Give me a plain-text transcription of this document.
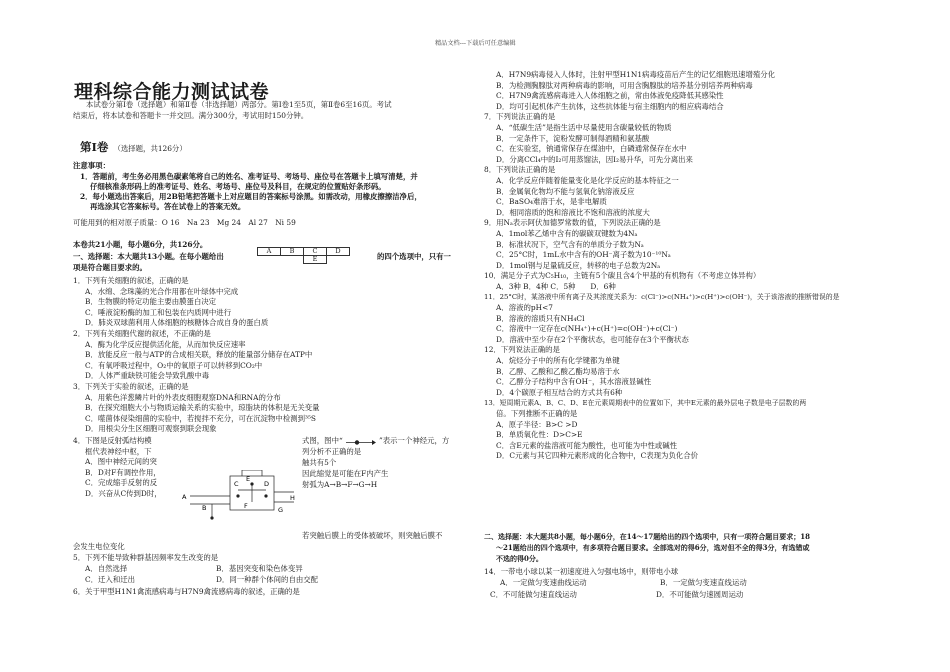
精品文档---下载后可任意编辑
理科综合能力测试试卷
本试卷分第Ⅰ卷（选择题）和第Ⅱ卷（非选择题）两部分。第Ⅰ卷1至5页，第Ⅱ卷6至16页。考试
结束后，将本试卷和答题卡一并交回。满分300分，考试用时150分钟。
第Ⅰ卷 （选择题，共126分）
注意事项：
1．答题前，考生务必用黑色碳素笔将自己的姓名、准考证号、考场号、座位号在答题卡上填写清楚，并
仔细核准条形码上的准考证号、姓名、考场号、座位号及科目，在规定的位置贴好条形码。
2．每小题选出答案后，用2B铅笔把答题卡上对应题目的答案标号涂黑。如需改动，用橡皮擦擦洁净后，
再选涂其它答案标号。答在试卷上的答案无效。
可能用到的相对原子质量：O 16　Na 23　Mg 24　Al 27　Ni 59
本卷共21小题，每小题6分，共126分。
一、选择题：本大题共13小题。在每小题给出	的四个选项中，只有一
项是符合题目要求的。
A	B	C	D	
		E		
1．下列有关细胞的叙述，正确的是
A．水绵、念珠藻的光合作用都在叶绿体中完成
B．生物膜的特定功能主要由膜蛋白决定
C．唾液淀粉酶的加工和包装在内质网中进行
D．肺炎双球菌利用人体细胞的核糖体合成自身的蛋白质
2．下列有关细胞代谢的叙述，不正确的是
A．酶为化学反应提供活化能，从而加快反应速率
B．放能反应一般与ATP的合成相关联，释放的能量部分储存在ATP中
C．有氧呼吸过程中，O₂中的氧原子可以转移到CO₂中
D．人体严重缺铁可能会导致乳酸中毒
3．下列关于实验的叙述，正确的是
A．用紫色洋葱鳞片叶的外表皮细胞观察DNA和RNA的分布
B．在探究细胞大小与物质运输关系的实验中，琼脂块的体积是无关变量
C．噬菌体侵染细菌的实验中，若搅拌不充分，可在沉淀物中检测到³⁵S
D．用根尖分生区细胞可观察到联会现象
4．下图是反射弧结构模
框代表神经中枢，下
A．图中神经元间的突
B．D对F有调控作用，
C．完成缩手反射的反
D．兴奋从C传到D时，
会发生电位变化
式图，图中“	”表示一个神经元，方
列分析不正确的是
触共有5个
因此缩觉是可能在F内产生
射弧为A→B→F→G→H
若突触后膜上的受体被破坏，则突触后膜不
A
B
C	D
E
F	G
H
5．下列不能导致种群基因频率发生改变的是
A．自然选择	B．基因突变和染色体变异
C．迁入和迁出	D．同一种群个体间的自由交配
6．关于甲型H1N1禽流感病毒与H7N9禽流感病毒的叙述，正确的是
A．H7N9病毒侵入人体时，注射甲型H1N1病毒疫苗后产生的记忆细胞迅速增殖分化
B．为检测胸腺肽对两种病毒的影响，可用含胸腺肽的培养基分别培养两种病毒
C．H7N9禽流感病毒进入人体细胞之前，常由体液免疫降低其感染性
D．均可引起机体产生抗体，这些抗体能与宿主细胞内的相应病毒结合
7．下列说法正确的是
A．“低碳生活”是指生活中尽量使用含碳量较低的物质
B．一定条件下，淀粉发酵可制得酒精和氨基酸
C．在实验室，钠通常保存在煤油中，白磷通常保存在水中
D．分离CCl₄中的I₂可用蒸馏法，因I₂易升华，可先分离出来
8．下列说法正确的是
A．化学反应伴随着能量变化是化学反应的基本特征之一
B．金属氧化物均不能与氢氧化钠溶液反应
C．BaSO₄难溶于水，是非电解质
D．相同溶质的饱和溶液比不饱和溶液的浓度大
9．用Nₐ表示阿伏加德罗常数的值，下列说法正确的是
A．1mol苯乙烯中含有的碳碳双键数为4Nₐ
B．标准状况下，空气含有的单质分子数为Nₐ
C．25°C时，1mL水中含有的OH⁻离子数为10⁻¹⁰Nₐ
D．1mol钢与足量硫反应，转移的电子总数为2Nₐ
10．满足分子式为C₅H₁₀，主链有5个碳且含4个甲基的有机物有（不考虑立体异构）
A．3种 B．4种 C．5种　　D．6种
11．25°C时，某溶液中所有离子及其浓度关系为：c(Cl⁻)>c(NH₄⁺)>c(H⁺)>c(OH⁻)，关于该溶液的推断错误的是
A．溶液的pH<7
B．溶液的溶质只有NH₄Cl
C．溶液中一定存在c(NH₄⁺)+c(H⁺)=c(OH⁻)+c(Cl⁻)
D．溶液中至少存在2个平衡状态，也可能存在3个平衡状态
12．下列说法正确的是
A．烷烃分子中的所有化学键都为单键
B．乙醇、乙酸和乙酸乙酯均易溶于水
C．乙醇分子结构中含有OH⁻，其水溶液显碱性
D．4个碳原子相互结合的方式共有6种
13．短周期元素A、B、C、D、E在元素周期表中的位置如下，其中E元素的最外层电子数是电子层数的两
倍。下列推断不正确的是
A．原子半径：B>C >D
B．单质氧化性：D>C>E
C．含E元素的盐溶液可能为酸性，也可能为中性或碱性
D．C元素与其它四种元素形成的化合物中，C表现为负化合价
二、选择题：本大题共8小题，每小题6分，在14～17题给出的四个选项中，只有一项符合题目要求；18
～21题给出的四个选项中，有多项符合题目要求。全部选对的得6分，选对但不全的得3分，有选错或
不选的得0分。
14．一带电小球以某一初速度进入匀强电场中，则带电小球
A．一定做匀变速曲线运动	B．一定做匀变速直线运动
C．不可能做匀速直线运动	D．不可能做匀速圆周运动
